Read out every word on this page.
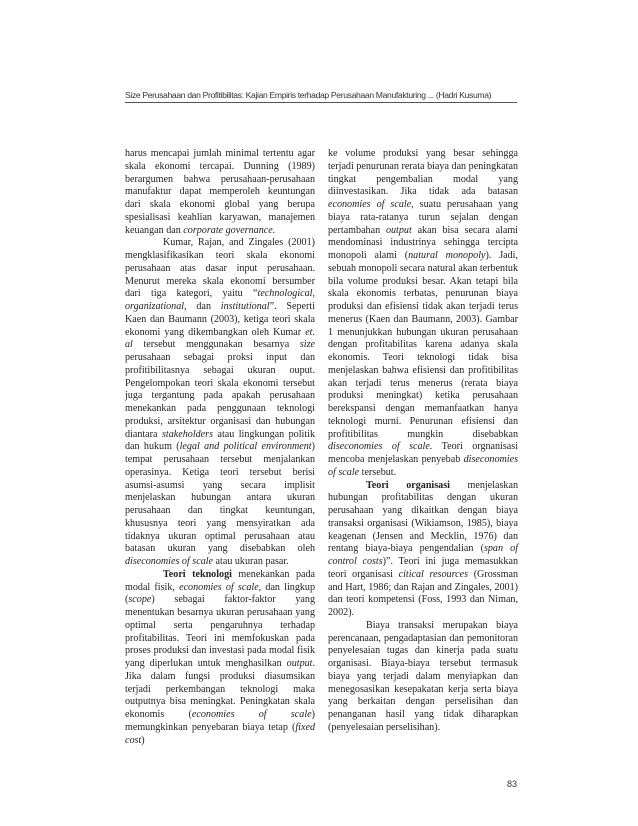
Size Perusahaan dan Profitibilitas: Kajian Empiris terhadap Perusahaan Manufakturing ... (Hadri Kusuma)

harus mencapai jumlah minimal tertentu agar skala ekonomi tercapai. Dunning (1989) berargumen bahwa perusahaan-perusahaan manufaktur dapat memperoleh keuntungan dari skala ekonomi global yang berupa spesialisasi keahlian karyawan, manajemen keuangan dan corporate governance.

Kumar, Rajan, and Zingales (2001) mengklasifikasikan teori skala ekonomi perusahaan atas dasar input perusahaan. Menurut mereka skala ekonomi bersumber dari tiga kategori, yaitu “technological, organizational, dan institutional”. Seperti Kaen dan Baumann (2003), ketiga teori skala ekonomi yang dikembangkan oleh Kumar et. al tersebut menggunakan besarnya size perusahaan sebagai proksi input dan profitibilitasnya sebagai ukuran ouput. Pengelompokan teori skala ekonomi tersebut juga tergantung pada apakah perusahaan menekankan pada penggunaan teknologi produksi, arsitektur organisasi dan hubungan diantara stakeholders atau lingkungan politik dan hukum (legal and political environment) tempat perusahaan tersebut menjalankan operasinya. Ketiga teori tersebut berisi asumsi-asumsi yang secara implisit menjelaskan hubungan antara ukuran perusahaan dan tingkat keuntungan, khususnya teori yang mensyiratkan ada tidaknya ukuran optimal perusahaan atau batasan ukuran yang disebabkan oleh diseconomies of scale atau ukuran pasar.

Teori teknologi menekankan pada modal fisik, economies of scale, dan lingkup (scope) sebagai faktor-faktor yang menentukan besarnya ukuran perusahaan yang optimal serta pengaruhnya terhadap profitabilitas. Teori ini memfokuskan pada proses produksi dan investasi pada modal fisik yang diperlukan untuk menghasilkan output. Jika dalam fungsi produksi diasumsikan terjadi perkembangan teknologi maka outputnya bisa meningkat. Peningkatan skala ekonomis (economies of scale) memungkinkan penyebaran biaya tetap (fixed cost)

ke volume produksi yang besar sehingga terjadi penurunan rerata biaya dan peningkatan tingkat pengembalian modal yang diinvestasikan. Jika tidak ada batasan economies of scale, suatu perusahaan yang biaya rata-ratanya turun sejalan dengan pertambahan output akan bisa secara alami mendominasi industrinya sehingga tercipta monopoli alami (natural monopoly). Jadi, sebuah monopoli secara natural akan terbentuk bila volume produksi besar. Akan tetapi bila skala ekonomis terbatas, penurunan biaya produksi dan efisiensi tidak akan terjadi terus menerus (Kaen dan Baumann, 2003). Gambar 1 menunjukkan hubungan ukuran perusahaan dengan profitabilitas karena adanya skala ekonomis. Teori teknologi tidak bisa menjelaskan bahwa efisiensi dan profitibilitas akan terjadi terus menerus (rerata biaya produksi meningkat) ketika perusahaan berekspansi dengan memanfaatkan hanya teknologi murni. Penurunan efisiensi dan profitibilitas mungkin disebabkan diseconomies of scale. Teori orgnanisasi mencoba menjelaskan penyebab diseconomies of scale tersebut.

Teori organisasi menjelaskan hubungan profitabilitas dengan ukuran perusahaan yang dikaitkan dengan biaya transaksi organisasi (Wikiamson, 1985), biaya keagenan (Jensen and Mecklin, 1976) dan rentang biaya-biaya pengendalian (span of control costs)”. Teori ini juga memasukkan teori organisasi citical resources (Grossman and Hart, 1986; dan Rajan and Zingales, 2001) dan teori kompetensi (Foss, 1993 dan Niman, 2002).

Biaya transaksi merupakan biaya perencanaan, pengadaptasian dan pemonitoran penyelesaian tugas dan kinerja pada suatu organisasi. Biaya-biaya tersebut termasuk biaya yang terjadi dalam menyiapkan dan menegosasikan kesepakatan kerja serta biaya yang berkaitan dengan perselisihan dan penanganan hasil yang tidak diharapkan (penyelesaian perselisihan).

83
